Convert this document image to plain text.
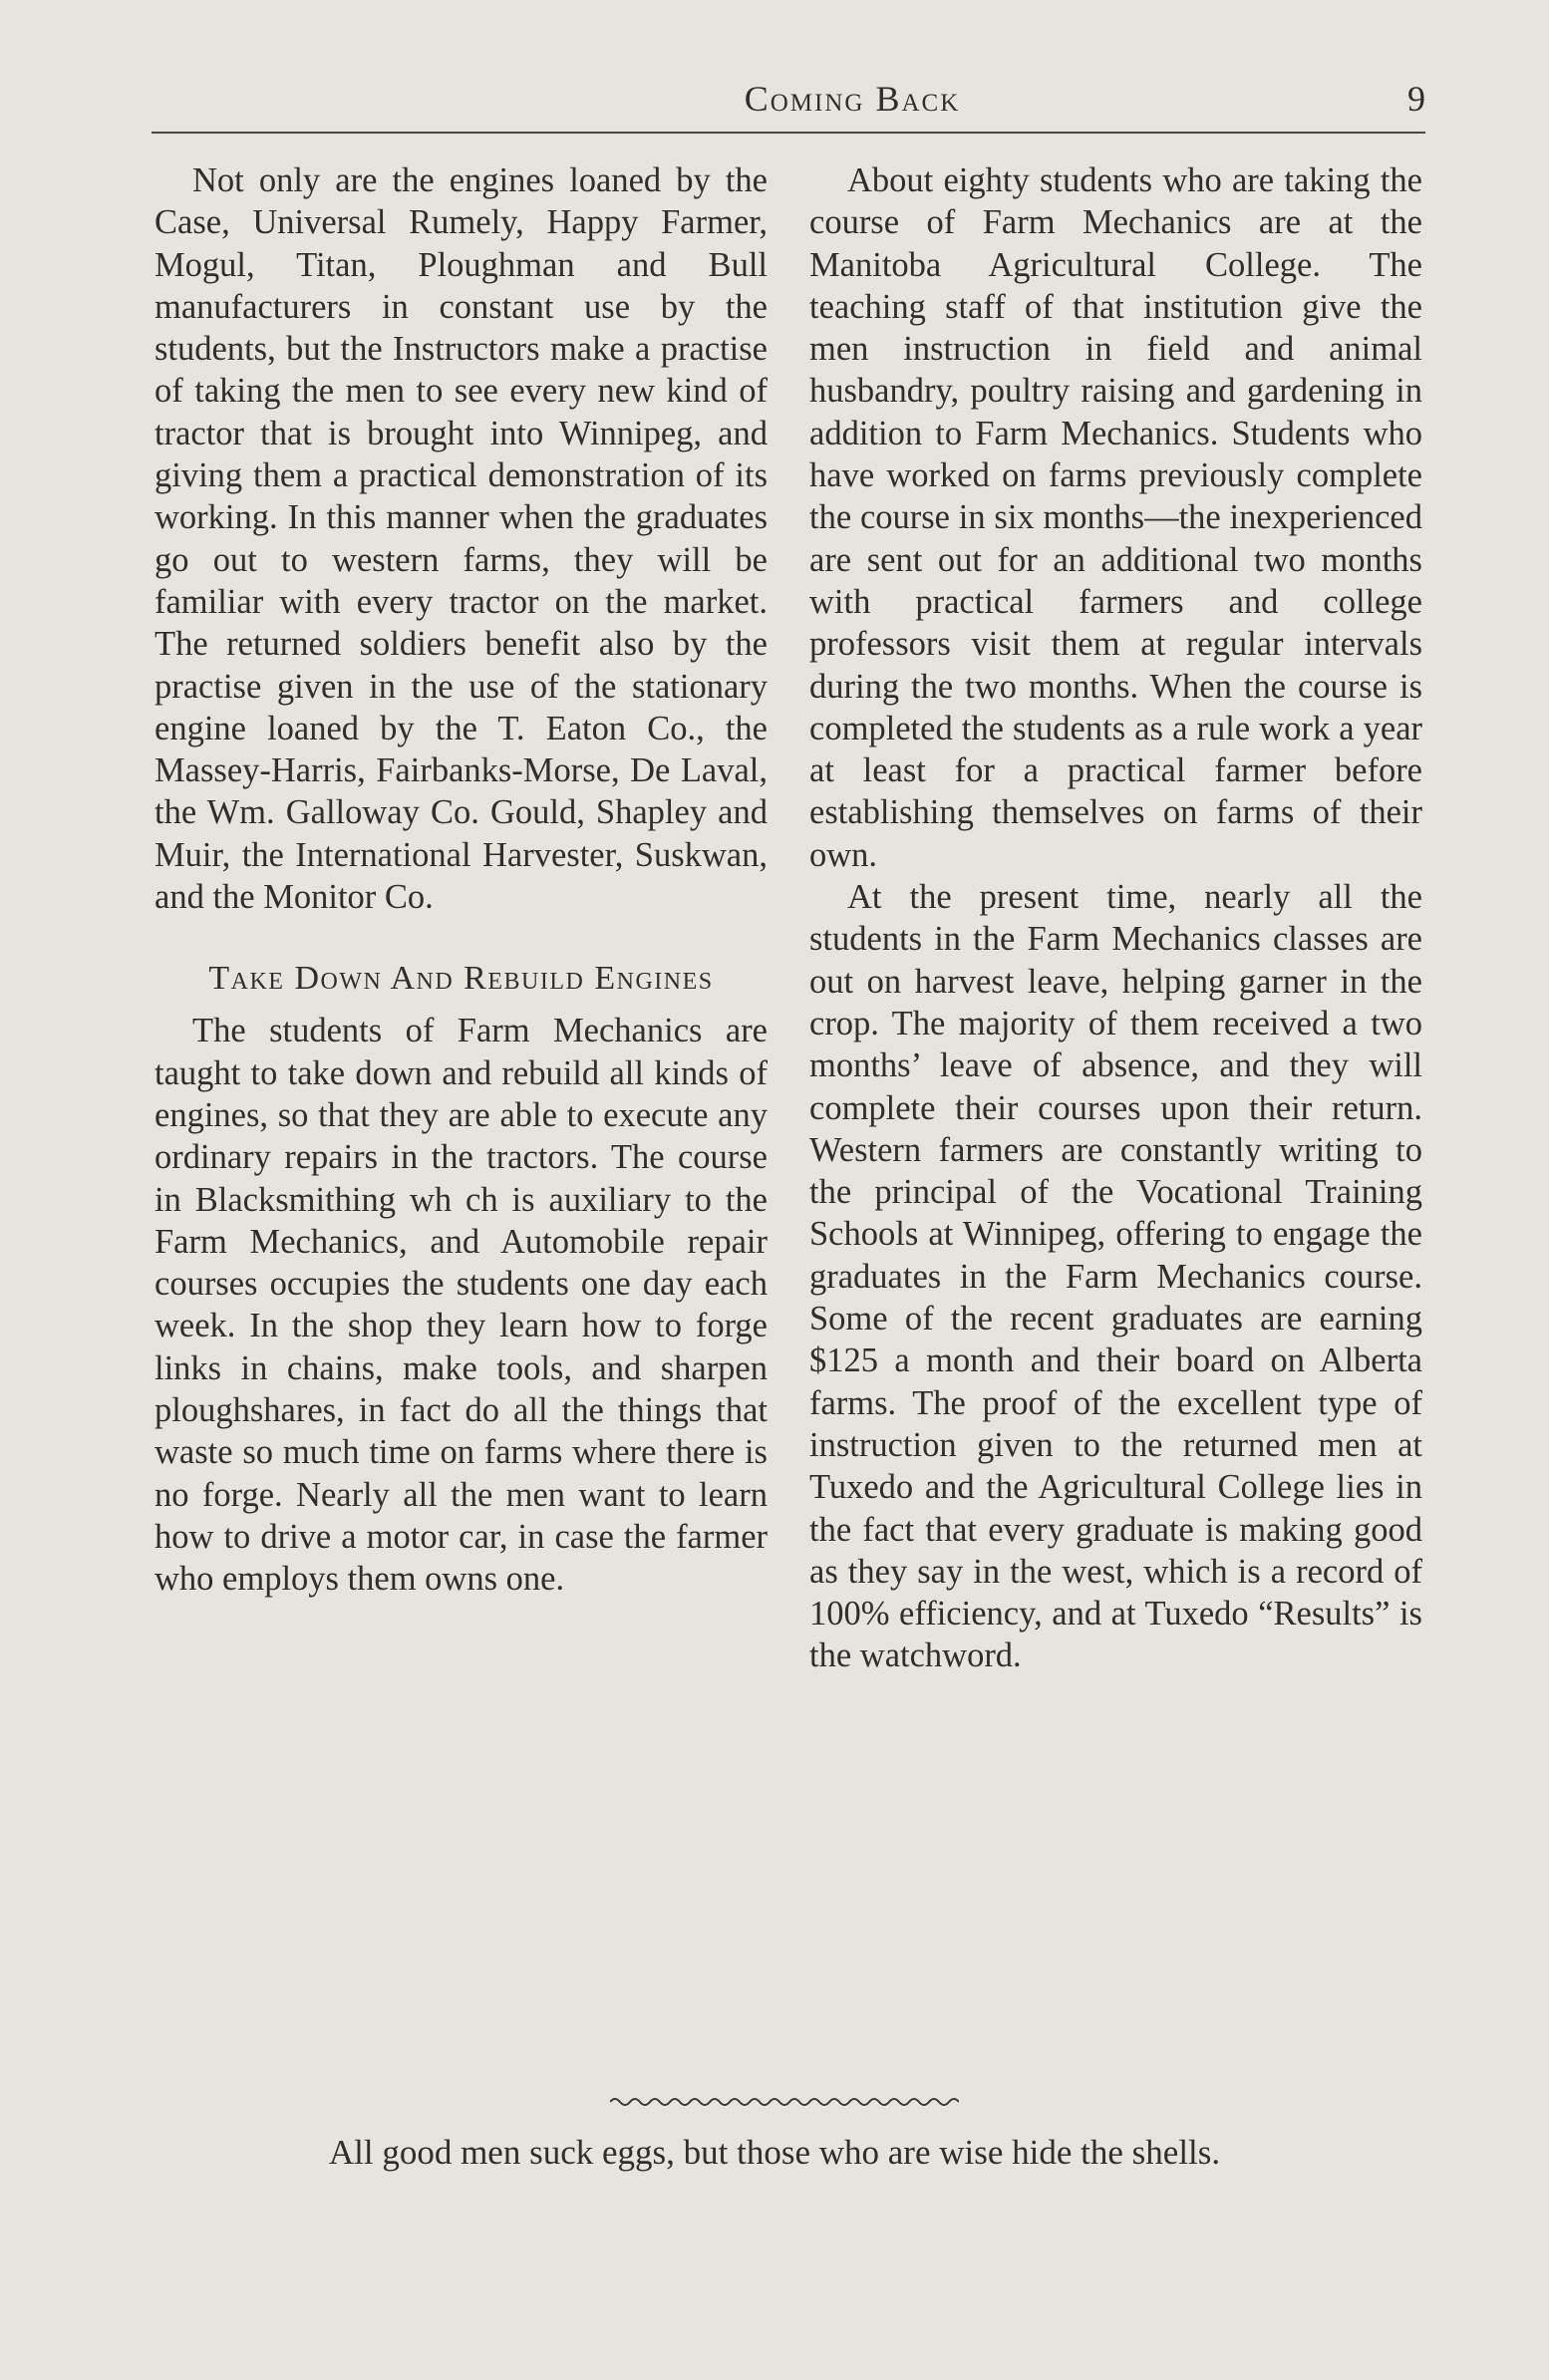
Coming Back	9

Not only are the engines loaned by the Case, Universal Rumely, Happy Farmer, Mogul, Titan, Ploughman and Bull manufacturers in constant use by the students, but the Instructors make a practise of taking the men to see every new kind of tractor that is brought into Winnipeg, and giving them a practical demonstration of its working. In this manner when the graduates go out to western farms, they will be familiar with every tractor on the market. The returned soldiers benefit also by the practise given in the use of the stationary engine loaned by the T. Eaton Co., the Massey-Harris, Fairbanks-Morse, De Laval, the Wm. Galloway Co. Gould, Shapley and Muir, the International Harvester, Suskwan, and the Monitor Co.

Take Down And Rebuild Engines

The students of Farm Mechanics are taught to take down and rebuild all kinds of engines, so that they are able to execute any ordinary repairs in the tractors. The course in Blacksmithing wh ch is auxiliary to the Farm Mechanics, and Automobile repair courses occupies the students one day each week. In the shop they learn how to forge links in chains, make tools, and sharpen ploughshares, in fact do all the things that waste so much time on farms where there is no forge. Nearly all the men want to learn how to drive a motor car, in case the farmer who employs them owns one.

About eighty students who are taking the course of Farm Mechanics are at the Manitoba Agricultural College. The teaching staff of that institution give the men instruction in field and animal husbandry, poultry raising and gardening in addition to Farm Mechanics. Students who have worked on farms previously complete the course in six months—the inexperienced are sent out for an additional two months with practical farmers and college professors visit them at regular intervals during the two months. When the course is completed the students as a rule work a year at least for a practical farmer before establishing themselves on farms of their own.

At the present time, nearly all the students in the Farm Mechanics classes are out on harvest leave, helping garner in the crop. The majority of them received a two months’ leave of absence, and they will complete their courses upon their return. Western farmers are constantly writing to the principal of the Vocational Training Schools at Winnipeg, offering to engage the graduates in the Farm Mechanics course. Some of the recent graduates are earning $125 a month and their board on Alberta farms. The proof of the excellent type of instruction given to the returned men at Tuxedo and the Agricultural College lies in the fact that every graduate is making good as they say in the west, which is a record of 100% efficiency, and at Tuxedo “Results” is the watchword.

All good men suck eggs, but those who are wise hide the shells.
